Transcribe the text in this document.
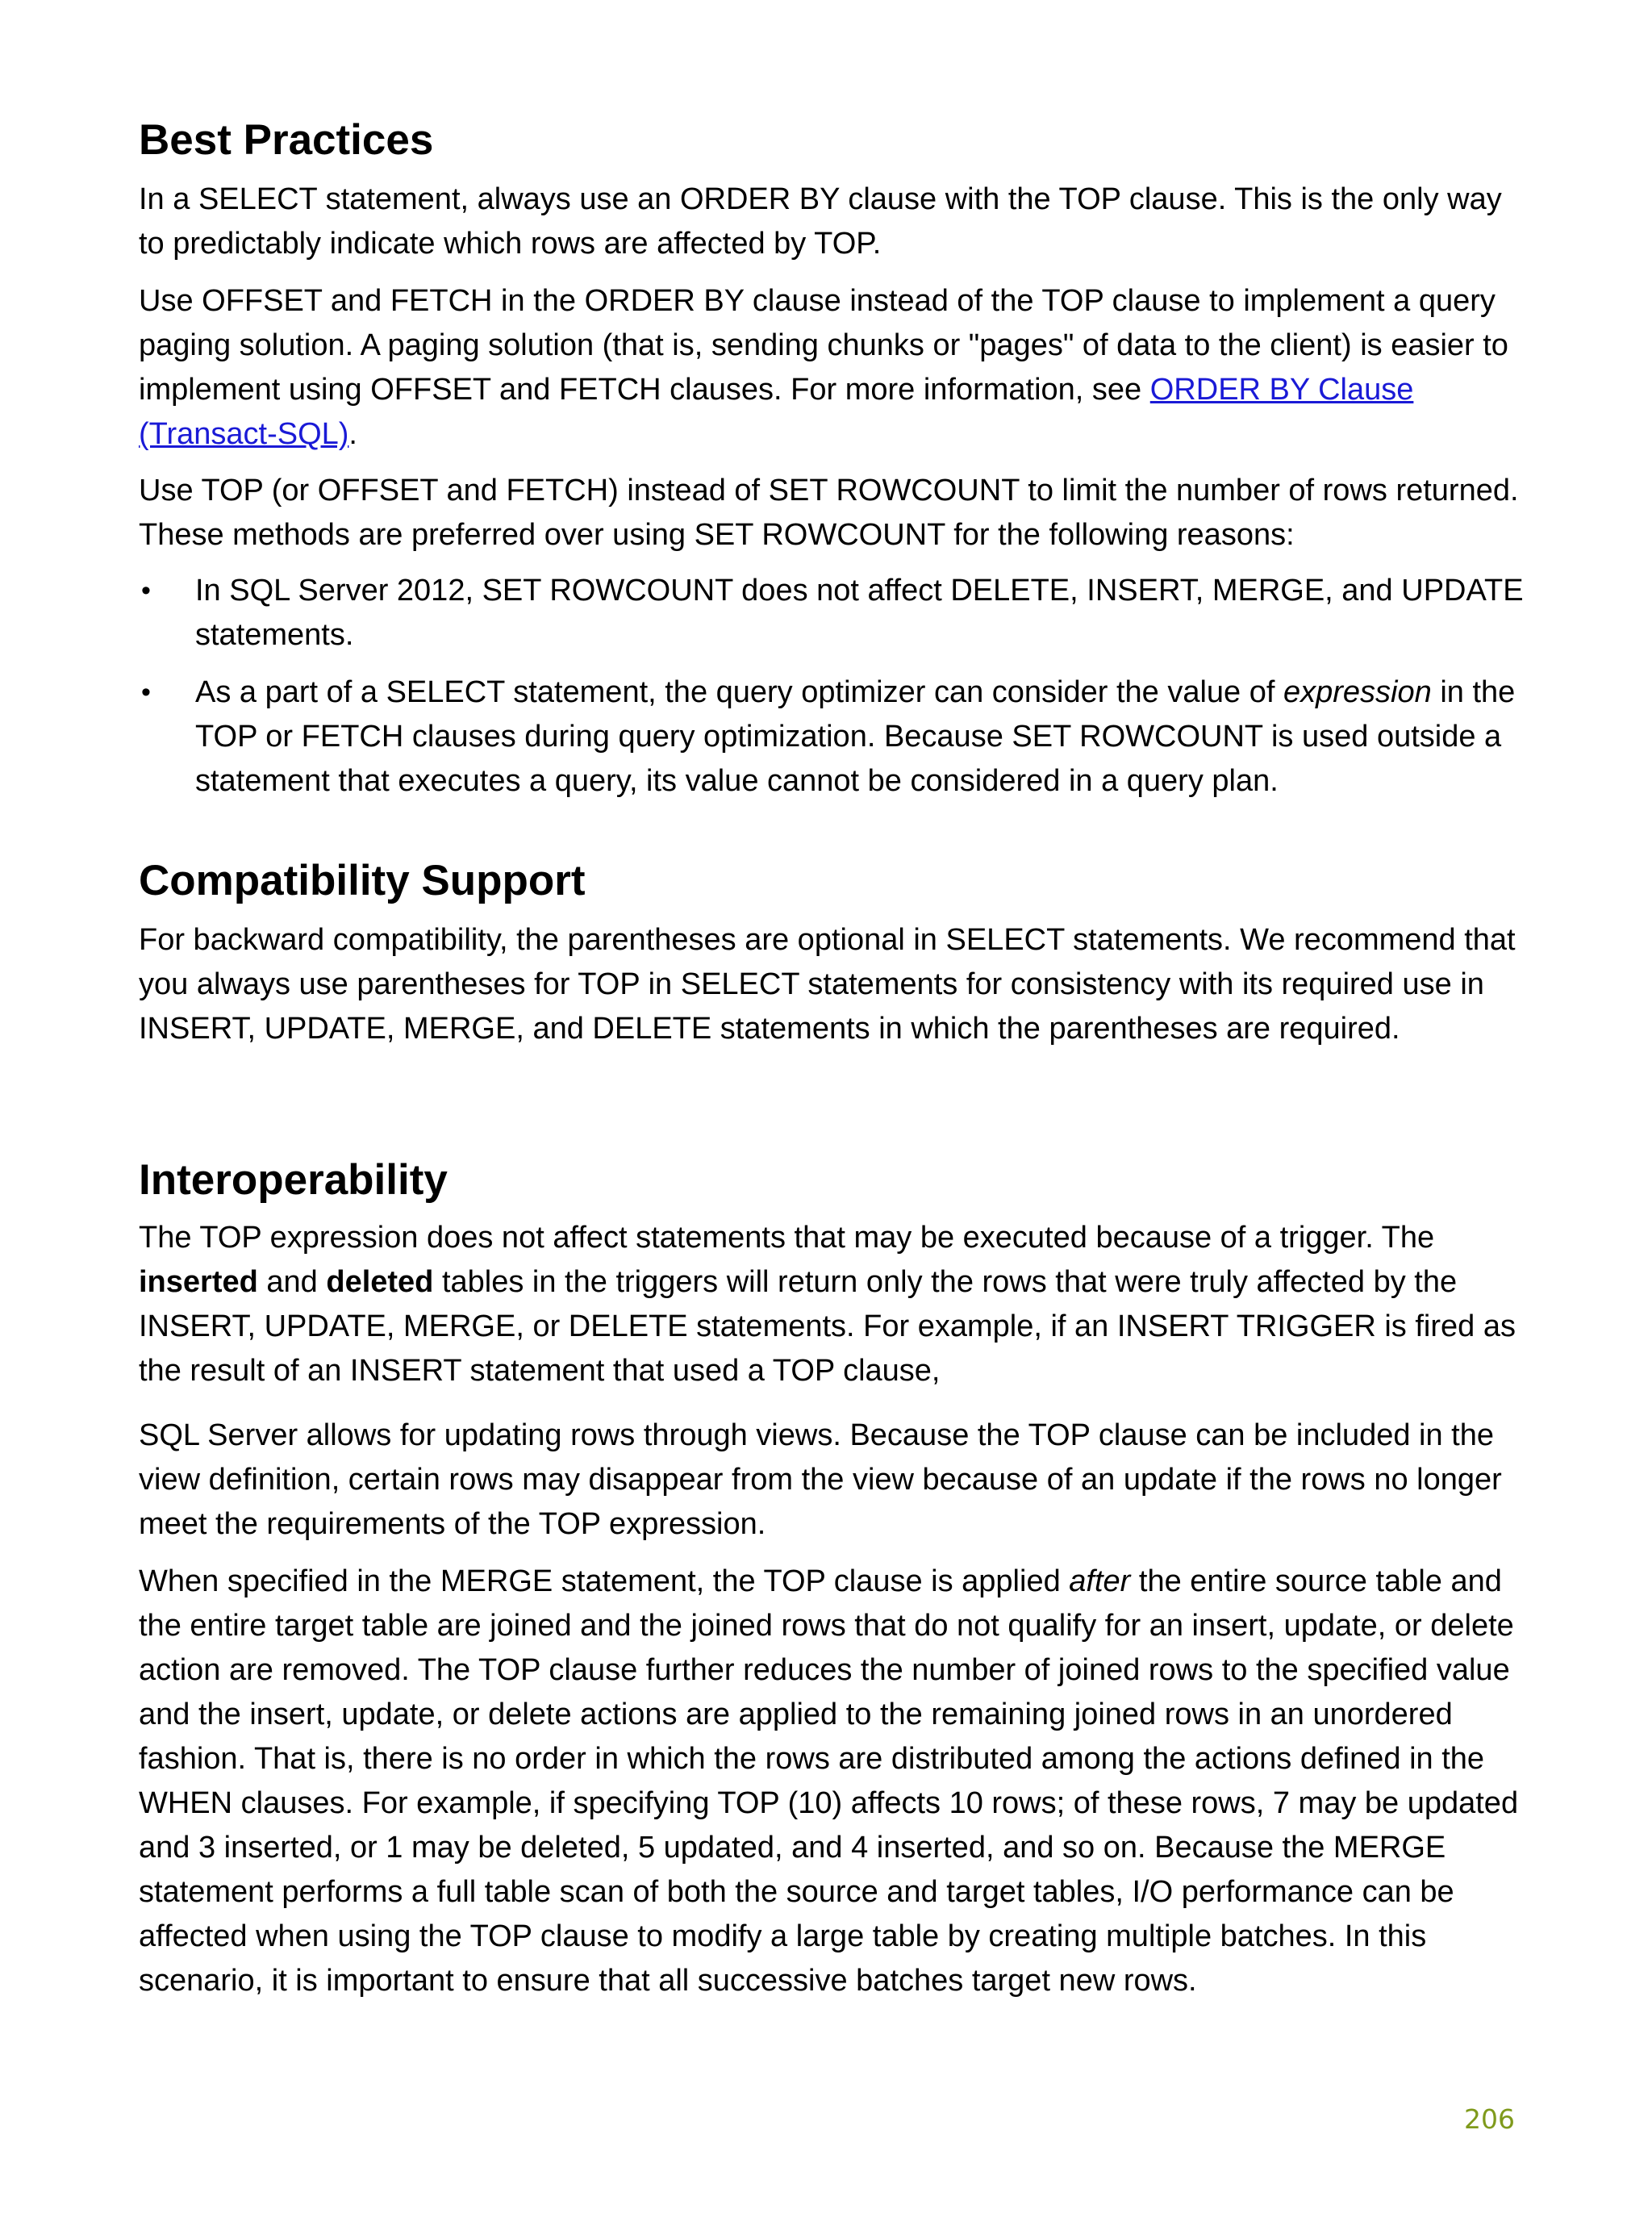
Best Practices

In a SELECT statement, always use an ORDER BY clause with the TOP clause. This is the only way to predictably indicate which rows are affected by TOP.

Use OFFSET and FETCH in the ORDER BY clause instead of the TOP clause to implement a query paging solution. A paging solution (that is, sending chunks or "pages" of data to the client) is easier to implement using OFFSET and FETCH clauses. For more information, see ORDER BY Clause (Transact-SQL).

Use TOP (or OFFSET and FETCH) instead of SET ROWCOUNT to limit the number of rows returned. These methods are preferred over using SET ROWCOUNT for the following reasons:

• In SQL Server 2012, SET ROWCOUNT does not affect DELETE, INSERT, MERGE, and UPDATE statements.
• As a part of a SELECT statement, the query optimizer can consider the value of expression in the TOP or FETCH clauses during query optimization. Because SET ROWCOUNT is used outside a statement that executes a query, its value cannot be considered in a query plan.
Compatibility Support

For backward compatibility, the parentheses are optional in SELECT statements. We recommend that you always use parentheses for TOP in SELECT statements for consistency with its required use in INSERT, UPDATE, MERGE, and DELETE statements in which the parentheses are required.

Interoperability

The TOP expression does not affect statements that may be executed because of a trigger. The inserted and deleted tables in the triggers will return only the rows that were truly affected by the INSERT, UPDATE, MERGE, or DELETE statements. For example, if an INSERT TRIGGER is fired as the result of an INSERT statement that used a TOP clause,

SQL Server allows for updating rows through views. Because the TOP clause can be included in the view definition, certain rows may disappear from the view because of an update if the rows no longer meet the requirements of the TOP expression.

When specified in the MERGE statement, the TOP clause is applied after the entire source table and the entire target table are joined and the joined rows that do not qualify for an insert, update, or delete action are removed. The TOP clause further reduces the number of joined rows to the specified value and the insert, update, or delete actions are applied to the remaining joined rows in an unordered fashion. That is, there is no order in which the rows are distributed among the actions defined in the WHEN clauses. For example, if specifying TOP (10) affects 10 rows; of these rows, 7 may be updated and 3 inserted, or 1 may be deleted, 5 updated, and 4 inserted, and so on. Because the MERGE statement performs a full table scan of both the source and target tables, I/O performance can be affected when using the TOP clause to modify a large table by creating multiple batches. In this scenario, it is important to ensure that all successive batches target new rows.

206
